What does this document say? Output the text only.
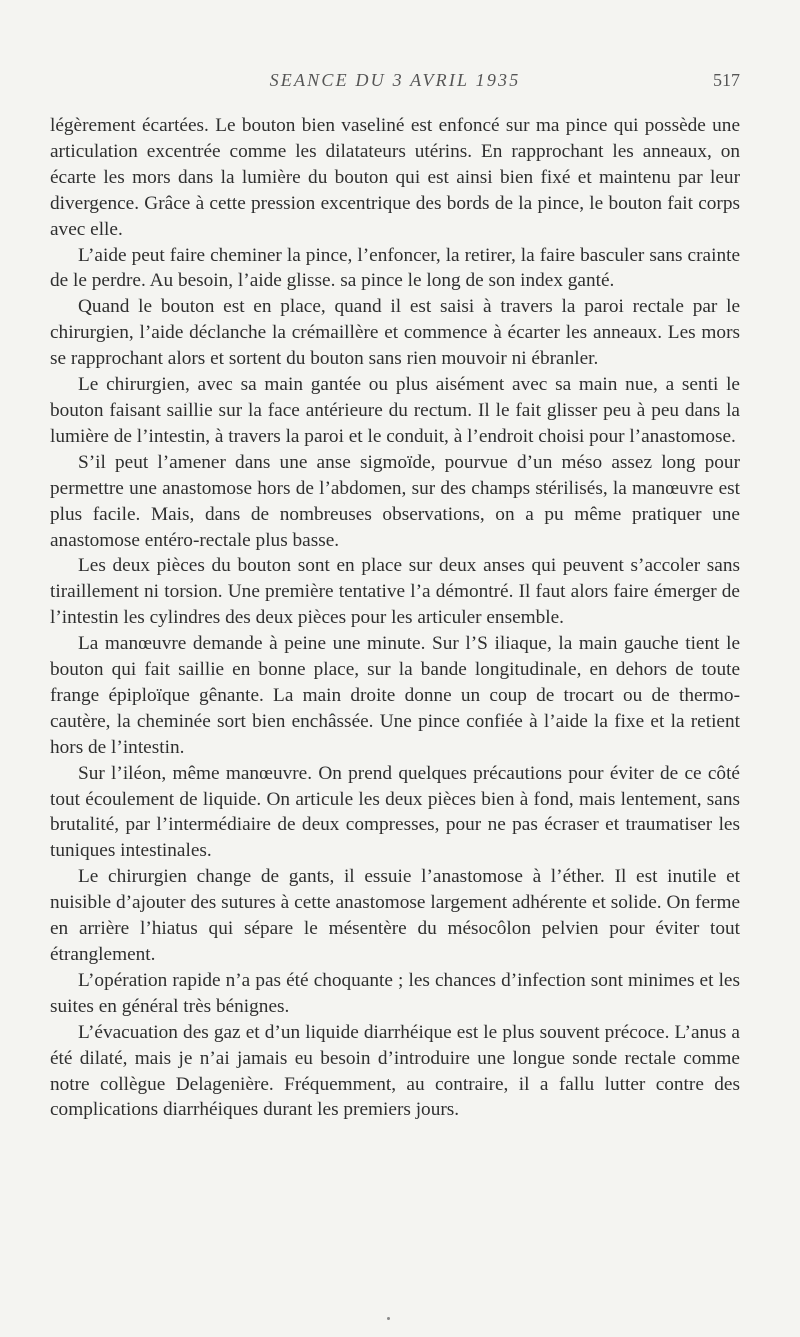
SEANCE DU 3 AVRIL 1935	517

légèrement écartées. Le bouton bien vaseliné est enfoncé sur ma pince qui possède une articulation excentrée comme les dilatateurs utérins. En rapprochant les anneaux, on écarte les mors dans la lumière du bouton qui est ainsi bien fixé et maintenu par leur divergence. Grâce à cette pression excentrique des bords de la pince, le bouton fait corps avec elle.

L’aide peut faire cheminer la pince, l’enfoncer, la retirer, la faire basculer sans crainte de le perdre. Au besoin, l’aide glisse. sa pince le long de son index ganté.

Quand le bouton est en place, quand il est saisi à travers la paroi rectale par le chirurgien, l’aide déclanche la crémaillère et commence à écarter les anneaux. Les mors se rapprochant alors et sortent du bouton sans rien mouvoir ni ébranler.

Le chirurgien, avec sa main gantée ou plus aisément avec sa main nue, a senti le bouton faisant saillie sur la face antérieure du rectum. Il le fait glisser peu à peu dans la lumière de l’intestin, à travers la paroi et le conduit, à l’endroit choisi pour l’anastomose.

S’il peut l’amener dans une anse sigmoïde, pourvue d’un méso assez long pour permettre une anastomose hors de l’abdomen, sur des champs stérilisés, la manœuvre est plus facile. Mais, dans de nombreuses observations, on a pu même pratiquer une anastomose entéro-rectale plus basse.

Les deux pièces du bouton sont en place sur deux anses qui peuvent s’accoler sans tiraillement ni torsion. Une première tentative l’a démontré. Il faut alors faire émerger de l’intestin les cylindres des deux pièces pour les articuler ensemble.

La manœuvre demande à peine une minute. Sur l’S iliaque, la main gauche tient le bouton qui fait saillie en bonne place, sur la bande longitudinale, en dehors de toute frange épiploïque gênante. La main droite donne un coup de trocart ou de thermo-cautère, la cheminée sort bien enchâssée. Une pince confiée à l’aide la fixe et la retient hors de l’intestin.

Sur l’iléon, même manœuvre. On prend quelques précautions pour éviter de ce côté tout écoulement de liquide. On articule les deux pièces bien à fond, mais lentement, sans brutalité, par l’intermédiaire de deux compresses, pour ne pas écraser et traumatiser les tuniques intestinales.

Le chirurgien change de gants, il essuie l’anastomose à l’éther. Il est inutile et nuisible d’ajouter des sutures à cette anastomose largement adhérente et solide. On ferme en arrière l’hiatus qui sépare le mésentère du mésocôlon pelvien pour éviter tout étranglement.

L’opération rapide n’a pas été choquante ; les chances d’infection sont minimes et les suites en général très bénignes.

L’évacuation des gaz et d’un liquide diarrhéique est le plus souvent précoce. L’anus a été dilaté, mais je n’ai jamais eu besoin d’introduire une longue sonde rectale comme notre collègue Delagenière. Fréquemment, au contraire, il a fallu lutter contre des complications diarrhéiques durant les premiers jours.
